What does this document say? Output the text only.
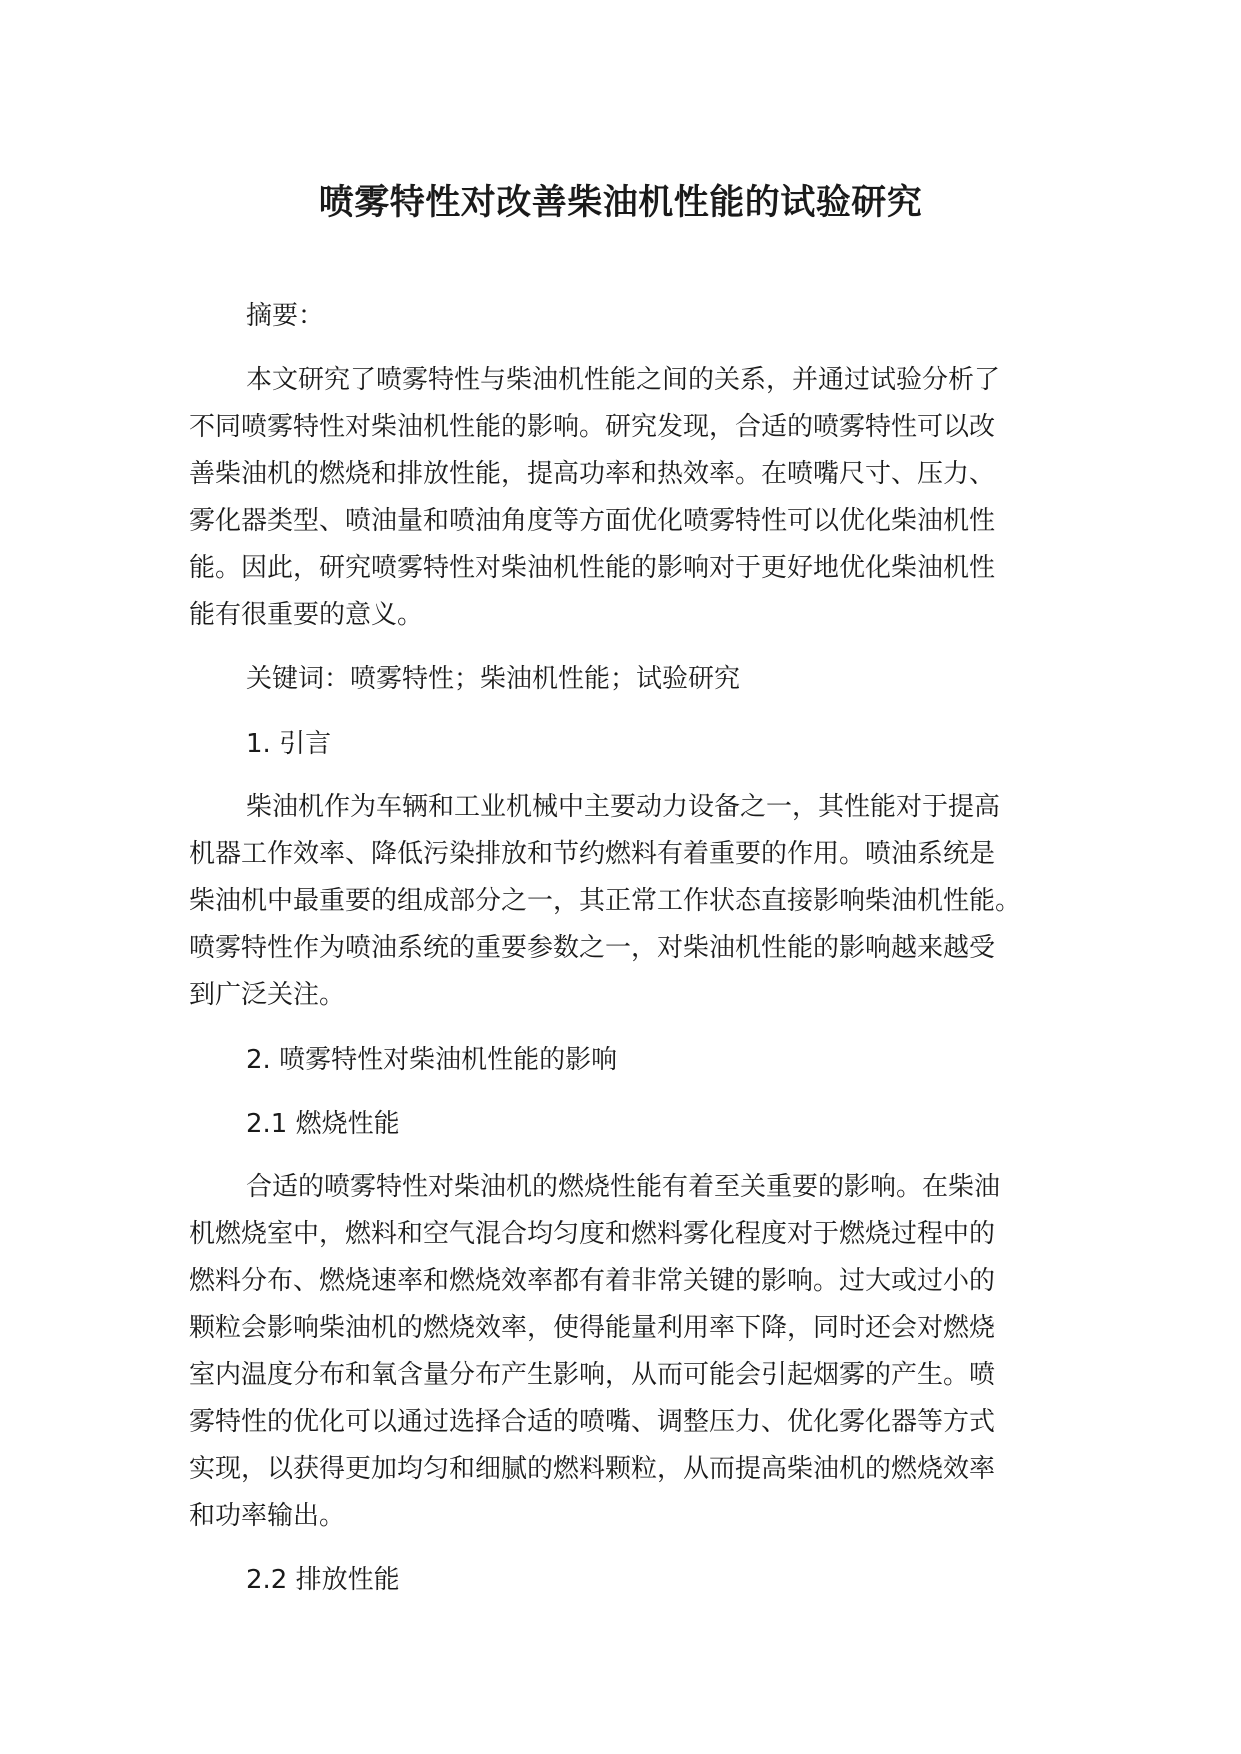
喷雾特性对改善柴油机性能的试验研究
摘要：
本文研究了喷雾特性与柴油机性能之间的关系，并通过试验分析了
不同喷雾特性对柴油机性能的影响。研究发现，合适的喷雾特性可以改
善柴油机的燃烧和排放性能，提高功率和热效率。在喷嘴尺寸、压力、
雾化器类型、喷油量和喷油角度等方面优化喷雾特性可以优化柴油机性
能。因此，研究喷雾特性对柴油机性能的影响对于更好地优化柴油机性
能有很重要的意义。
关键词：喷雾特性；柴油机性能；试验研究
1. 引言
柴油机作为车辆和工业机械中主要动力设备之一，其性能对于提高
机器工作效率、降低污染排放和节约燃料有着重要的作用。喷油系统是
柴油机中最重要的组成部分之一，其正常工作状态直接影响柴油机性能。
喷雾特性作为喷油系统的重要参数之一，对柴油机性能的影响越来越受
到广泛关注。
2. 喷雾特性对柴油机性能的影响
2.1 燃烧性能
合适的喷雾特性对柴油机的燃烧性能有着至关重要的影响。在柴油
机燃烧室中，燃料和空气混合均匀度和燃料雾化程度对于燃烧过程中的
燃料分布、燃烧速率和燃烧效率都有着非常关键的影响。过大或过小的
颗粒会影响柴油机的燃烧效率，使得能量利用率下降，同时还会对燃烧
室内温度分布和氧含量分布产生影响，从而可能会引起烟雾的产生。喷
雾特性的优化可以通过选择合适的喷嘴、调整压力、优化雾化器等方式
实现，以获得更加均匀和细腻的燃料颗粒，从而提高柴油机的燃烧效率
和功率输出。
2.2 排放性能
